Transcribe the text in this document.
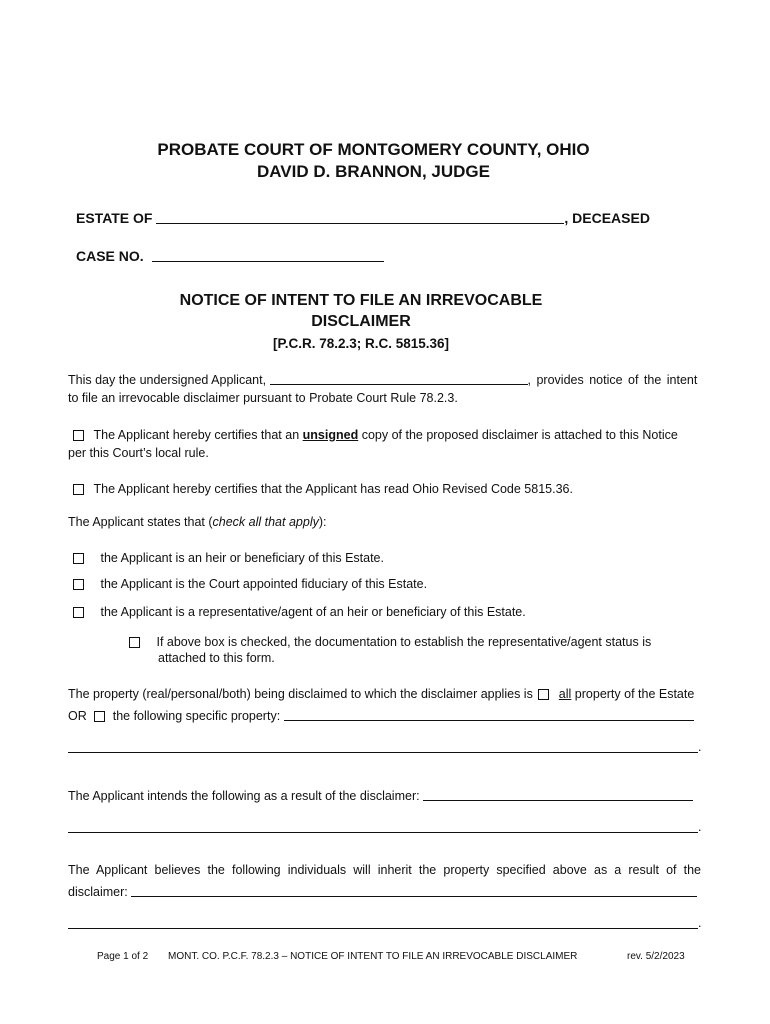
PROBATE COURT OF MONTGOMERY COUNTY, OHIO
DAVID D. BRANNON, JUDGE
ESTATE OF	, DECEASED
CASE NO.
NOTICE OF INTENT TO FILE AN IRREVOCABLE
DISCLAIMER
[P.C.R. 78.2.3; R.C. 5815.36]
This day the undersigned Applicant,	, provides notice of the intent
to file an irrevocable disclaimer pursuant to Probate Court Rule 78.2.3.
The Applicant hereby certifies that an unsigned copy of the proposed disclaimer is attached to this Notice
per this Court’s local rule.
The Applicant hereby certifies that the Applicant has read Ohio Revised Code 5815.36.
The Applicant states that (check all that apply):
the Applicant is an heir or beneficiary of this Estate.
the Applicant is the Court appointed fiduciary of this Estate.
the Applicant is a representative/agent of an heir or beneficiary of this Estate.
If above box is checked, the documentation to establish the representative/agent status is
attached to this form.
The property (real/personal/both) being disclaimed to which the disclaimer applies is all property of the Estate
OR the following specific property:
.
The Applicant intends the following as a result of the disclaimer:
.
The Applicant believes the following individuals will inherit the property specified above as a result of the
disclaimer:
.
Page 1 of 2 MONT. CO. P.C.F. 78.2.3 – NOTICE OF INTENT TO FILE AN IRREVOCABLE DISCLAIMER	rev. 5/2/2023
